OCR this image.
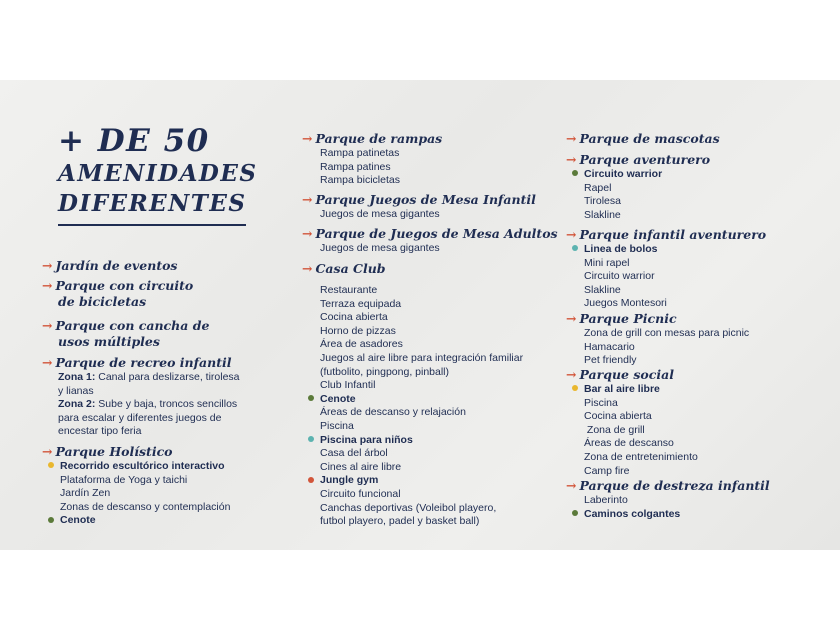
+ DE 50
AMENIDADES
DIFERENTES
→ Jardín de eventos
→ Parque con circuito
de bicicletas
→ Parque con cancha de
usos múltiples
→ Parque de recreo infantil
Zona 1: Canal para deslizarse, tirolesa
y lianas
Zona 2: Sube y baja, troncos sencillos
para escalar y diferentes juegos de
encestar tipo feria
→ Parque Holístico
Recorrido escultórico interactivo
Plataforma de Yoga y taichi
Jardín Zen
Zonas de descanso y contemplación
Cenote
→ Parque de rampas
Rampa patinetas
Rampa patines
Rampa bicicletas
→ Parque Juegos de Mesa Infantil
Juegos de mesa gigantes
→ Parque de Juegos de Mesa Adultos
Juegos de mesa gigantes
→ Casa Club
Restaurante
Terraza equipada
Cocina abierta
Horno de pizzas
Área de asadores
Juegos al aire libre para integración familiar
(futbolito, pingpong, pinball)
Club Infantil
Cenote
Áreas de descanso y relajación
Piscina
Piscina para niños
Casa del árbol
Cines al aire libre
Jungle gym
Circuito funcional
Canchas deportivas (Voleibol playero,
futbol playero, padel y basket ball)
→ Parque de mascotas
→ Parque aventurero
Circuito warrior
Rapel
Tirolesa
Slakline
→ Parque infantil aventurero
Linea de bolos
Mini rapel
Circuito warrior
Slakline
Juegos Montesori
→ Parque Picnic
Zona de grill con mesas para picnic
Hamacario
Pet friendly
→ Parque social
Bar al aire libre
Piscina
Cocina abierta
Zona de grill
Áreas de descanso
Zona de entretenimiento
Camp fire
→ Parque de destreza infantil
Laberinto
Caminos colgantes
